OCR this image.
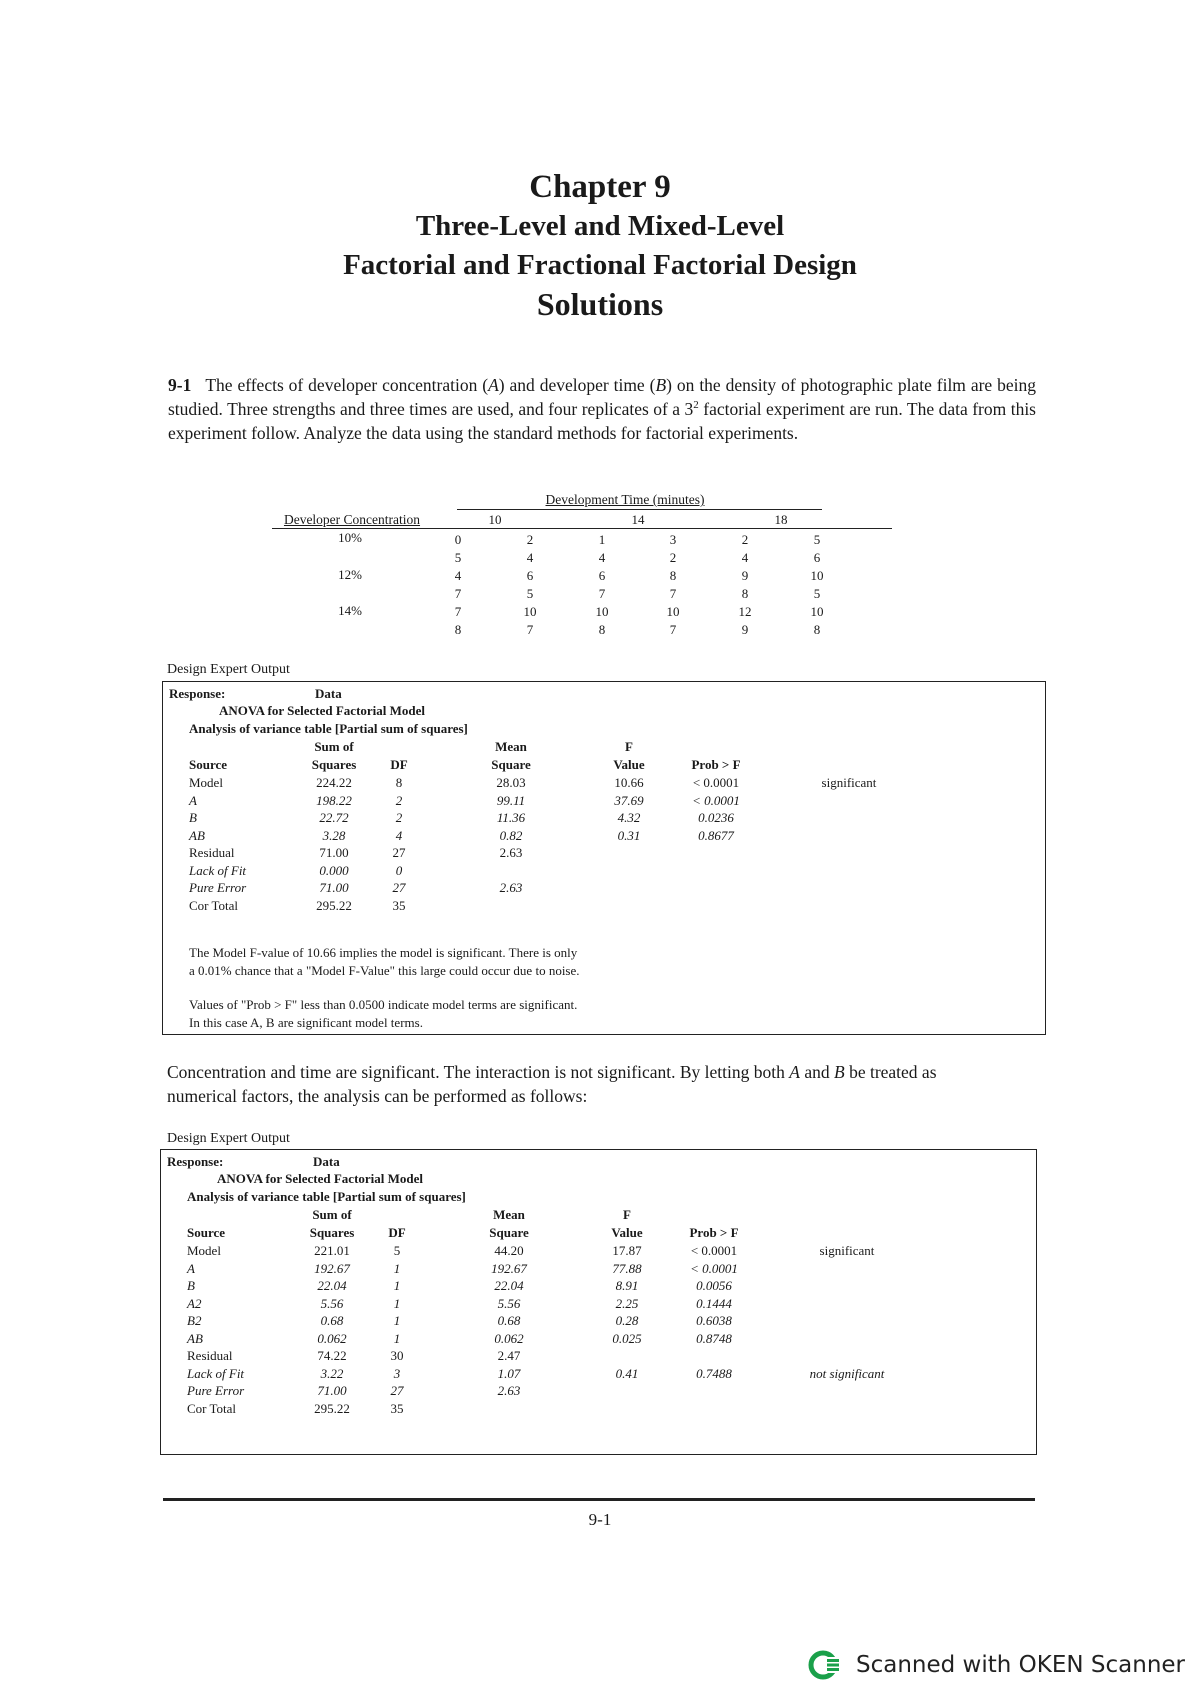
Chapter 9
Three-Level and Mixed-Level
Factorial and Fractional Factorial Design
Solutions
9-1 The effects of developer concentration (A) and developer time (B) on the density of photographic plate film are being studied. Three strengths and three times are used, and four replicates of a $3^2$ factorial experiment are run. The data from this experiment follow. Analyze the data using the standard methods for factorial experiments.
Development Time (minutes)
Developer Concentration	10	14	18
10%	0	2	1	3	2	5
5	4	4	2	4	6
12%	4	6	6	8	9	10
7	5	7	7	8	5
14%	7	10	10	10	12	10
8	7	8	7	9	8
Design Expert Output
Response:	Data
ANOVA for Selected Factorial Model
Analysis of variance table [Partial sum of squares]
Sum of	Mean	F
Source	Squares	DF	Square	Value	Prob > F
Model	224.22	8	28.03	10.66	< 0.0001	significant
A	198.22	2	99.11	37.69	< 0.0001
B	22.72	2	11.36	4.32	0.0236
AB	3.28	4	0.82	0.31	0.8677
Residual	71.00	27	2.63
Lack of Fit	0.000	0
Pure Error	71.00	27	2.63
Cor Total	295.22	35
The Model F-value of 10.66 implies the model is significant. There is only
a 0.01% chance that a "Model F-Value" this large could occur due to noise.
Values of "Prob > F" less than 0.0500 indicate model terms are significant.
In this case A, B are significant model terms.
Concentration and time are significant. The interaction is not significant. By letting both A and B be treated as numerical factors, the analysis can be performed as follows:
Design Expert Output
Response:	Data
ANOVA for Selected Factorial Model
Analysis of variance table [Partial sum of squares]
Sum of	Mean	F
Source	Squares	DF	Square	Value	Prob > F
Model	221.01	5	44.20	17.87	< 0.0001	significant
A	192.67	1	192.67	77.88	< 0.0001
B	22.04	1	22.04	8.91	0.0056
A2	5.56	1	5.56	2.25	0.1444
B2	0.68	1	0.68	0.28	0.6038
AB	0.062	1	0.062	0.025	0.8748
Residual	74.22	30	2.47
Lack of Fit	3.22	3	1.07	0.41	0.7488	not significant
Pure Error	71.00	27	2.63
Cor Total	295.22	35
9-1
Scanned with OKEN Scanner
